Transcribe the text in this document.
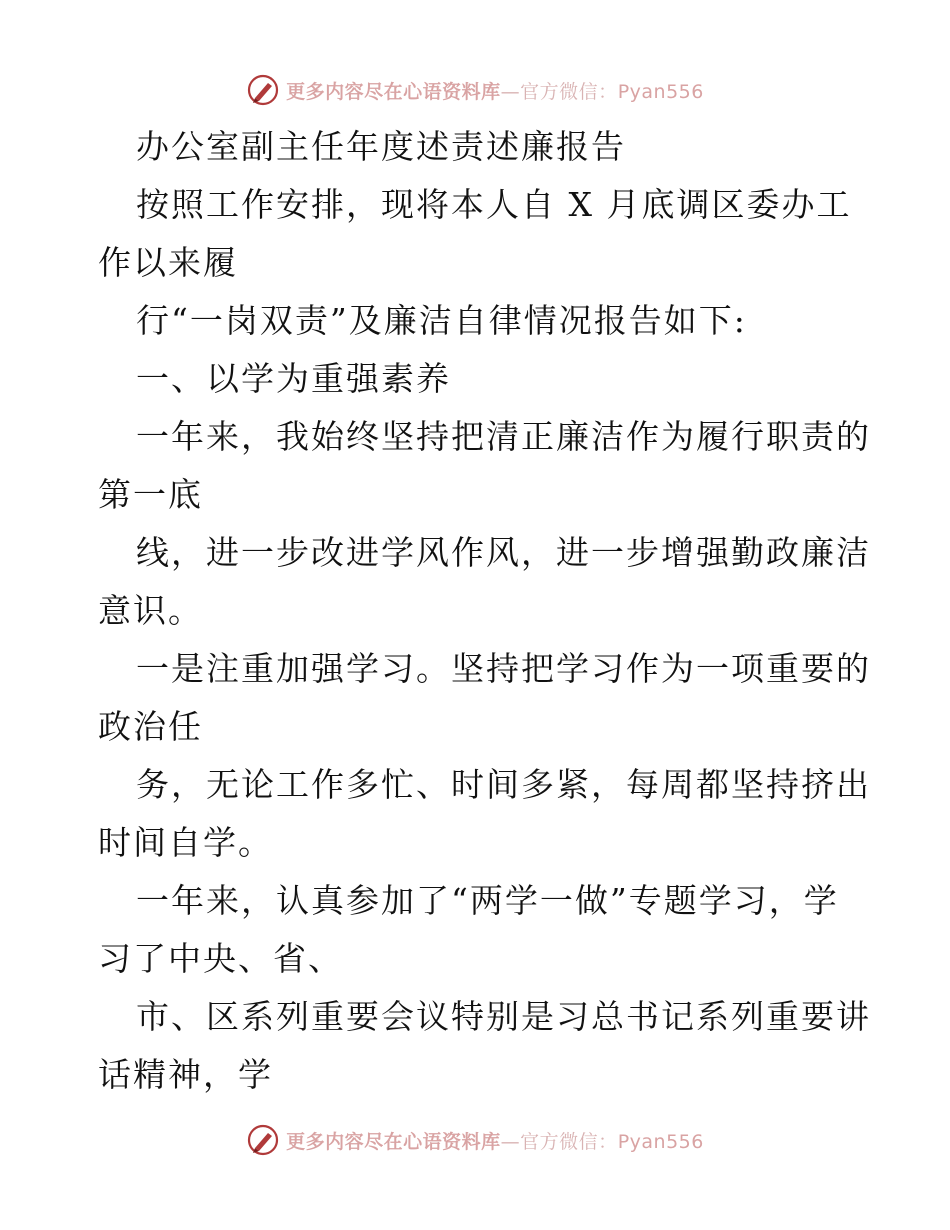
更多内容尽在心语资料库—官方微信：Pyan556
办公室副主任年度述责述廉报告
按照工作安排，现将本人自 X 月底调区委办工
作以来履
行“一岗双责”及廉洁自律情况报告如下:
一、以学为重强素养
一年来，我始终坚持把清正廉洁作为履行职责的
第一底
线，进一步改进学风作风，进一步增强勤政廉洁
意识。
一是注重加强学习。坚持把学习作为一项重要的
政治任
务，无论工作多忙、时间多紧，每周都坚持挤出
时间自学。
一年来，认真参加了“两学一做”专题学习，学
习了中央、省、
市、区系列重要会议特别是习总书记系列重要讲
话精神，学
更多内容尽在心语资料库—官方微信：Pyan556
